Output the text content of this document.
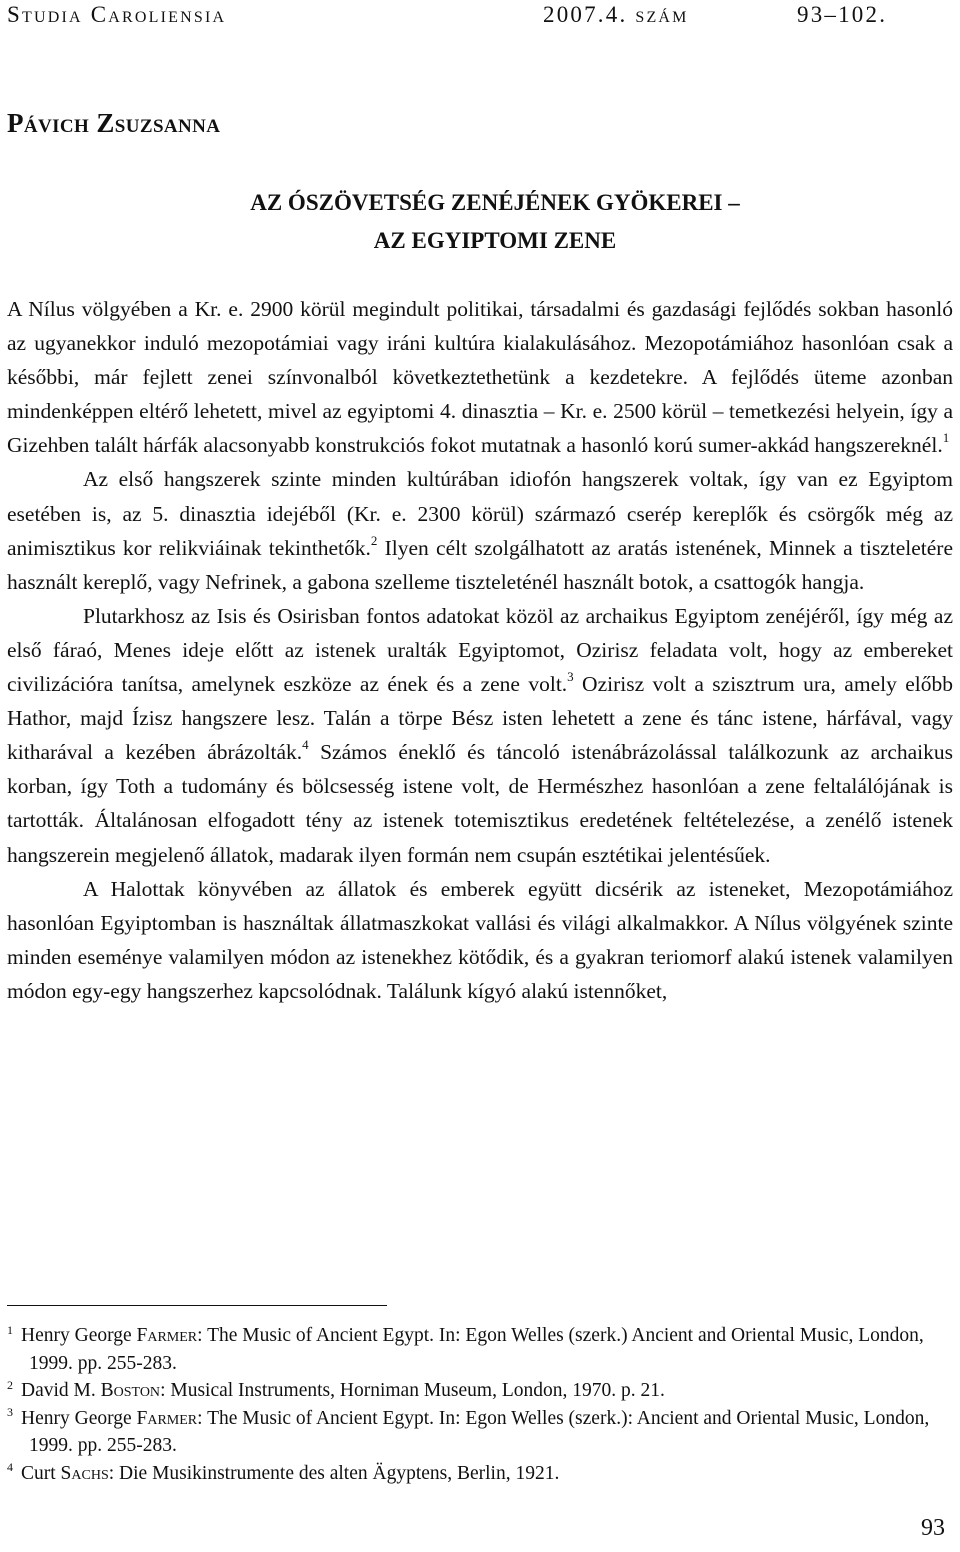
Studia Caroliensia	2007.4. szám	93–102.
Pávich Zsuzsanna
AZ ÓSZÖVETSÉG ZENÉJÉNEK GYÖKEREI –
AZ EGYIPTOMI ZENE

A Nílus völgyében a Kr. e. 2900 körül megindult politikai, társadalmi és gazdasági fejlődés sokban hasonló az ugyanekkor induló mezopotámiai vagy iráni kultúra kialakulásához. Mezopotámiához hasonlóan csak a későbbi, már fejlett zenei színvonalból következtethetünk a kezdetekre. A fejlődés üteme azonban mindenképpen eltérő lehetett, mivel az egyiptomi 4. dinasztia – Kr. e. 2500 körül – temetkezési helyein, így a Gizehben talált hárfák alacsonyabb konstrukciós fokot mutatnak a hasonló korú sumer-akkád hangszereknél.$^1$

Az első hangszerek szinte minden kultúrában idiofón hangszerek voltak, így van ez Egyiptom esetében is, az 5. dinasztia idejéből (Kr. e. 2300 körül) származó cserép kereplők és csörgők még az animisztikus kor relikviáinak tekinthetők.$^2$ Ilyen célt szolgálhatott az aratás istenének, Minnek a tiszteletére használt kereplő, vagy Nefrinek, a gabona szelleme tiszteleténél használt botok, a csattogók hangja.

Plutarkhosz az Isis és Osirisban fontos adatokat közöl az archaikus Egyiptom zenéjéről, így még az első fáraó, Menes ideje előtt az istenek uralták Egyiptomot, Ozirisz feladata volt, hogy az embereket civilizációra tanítsa, amelynek eszköze az ének és a zene volt.$^3$ Ozirisz volt a szisztrum ura, amely előbb Hathor, majd Ízisz hangszere lesz. Talán a törpe Bész isten lehetett a zene és tánc istene, hárfával, vagy kitharával a kezében ábrázolták.$^4$ Számos éneklő és táncoló istenábrázolással találkozunk az archaikus korban, így Toth a tudomány és bölcsesség istene volt, de Hermészhez hasonlóan a zene feltalálójának is tartották. Általánosan elfogadott tény az istenek totemisztikus eredetének feltételezése, a zenélő istenek hangszerein megjelenő állatok, madarak ilyen formán nem csupán esztétikai jelentésűek.

A Halottak könyvében az állatok és emberek együtt dicsérik az isteneket, Mezopotámiához hasonlóan Egyiptomban is használtak állatmaszkokat vallási és világi alkalmakkor. A Nílus völgyének szinte minden eseménye valamilyen módon az istenekhez kötődik, és a gyakran teriomorf alakú istenek valamilyen módon egy-egy hangszerhez kapcsolódnak. Találunk kígyó alakú istennőket,

1 Henry George Farmer: The Music of Ancient Egypt. In: Egon Welles (szerk.) Ancient and Oriental Music, London, 1999. pp. 255-283.

2 David M. Boston: Musical Instruments, Horniman Museum, London, 1970. p. 21.

3 Henry George Farmer: The Music of Ancient Egypt. In: Egon Welles (szerk.): Ancient and Oriental Music, London, 1999. pp. 255-283.

4 Curt Sachs: Die Musikinstrumente des alten Ägyptens, Berlin, 1921.

93
